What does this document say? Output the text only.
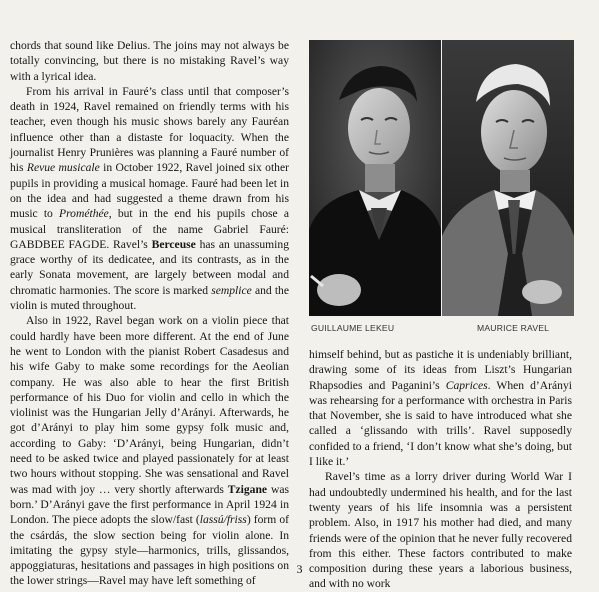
chords that sound like Delius. The joins may not always be totally convincing, but there is no mistaking Ravel’s way with a lyrical idea.

From his arrival in Fauré’s class until that composer’s death in 1924, Ravel remained on friendly terms with his teacher, even though his music shows barely any Fauréan influence other than a distaste for loquacity. When the journalist Henry Prunières was planning a Fauré number of his Revue musicale in October 1922, Ravel joined six other pupils in providing a musical homage. Fauré had been let in on the idea and had suggested a theme drawn from his music to Prométhée, but in the end his pupils chose a musical transliteration of the name Gabriel Fauré: GABDBEE FAGDE. Ravel’s Berceuse has an unassuming grace worthy of its dedicatee, and its contrasts, as in the early Sonata movement, are largely between modal and chromatic harmonies. The score is marked semplice and the violin is muted throughout.

Also in 1922, Ravel began work on a violin piece that could hardly have been more different. At the end of June he went to London with the pianist Robert Casadesus and his wife Gaby to make some recordings for the Aeolian company. He was also able to hear the first British performance of his Duo for violin and cello in which the violinist was the Hungarian Jelly d’Arányi. Afterwards, he got d’Arányi to play him some gypsy folk music and, according to Gaby: ‘D’Arányi, being Hungarian, didn’t need to be asked twice and played passionately for at least two hours without stopping. She was sensational and Ravel was mad with joy … very shortly afterwards Tzigane was born.’ D’Arányi gave the first performance in April 1924 in London. The piece adopts the slow/fast (lassú/friss) form of the csárdás, the slow section being for violin alone. In imitating the gypsy style—harmonics, trills, glissandos, appoggiaturas, hesitations and passages in high positions on the lower strings—Ravel may have left something of

GUILLAUME LEKEU	MAURICE RAVEL

himself behind, but as pastiche it is undeniably brilliant, drawing some of its ideas from Liszt’s Hungarian Rhapsodies and Paganini’s Caprices. When d’Arányi was rehearsing for a performance with orchestra in Paris that November, she is said to have introduced what she called a ‘glissando with trills’. Ravel supposedly confided to a friend, ‘I don’t know what she’s doing, but I like it.’

Ravel’s time as a lorry driver during World War I had undoubtedly undermined his health, and for the last twenty years of his life insomnia was a persistent problem. Also, in 1917 his mother had died, and many friends were of the opinion that he never fully recovered from this either. These factors contributed to make composition during these years a laborious business, and with no work

3
